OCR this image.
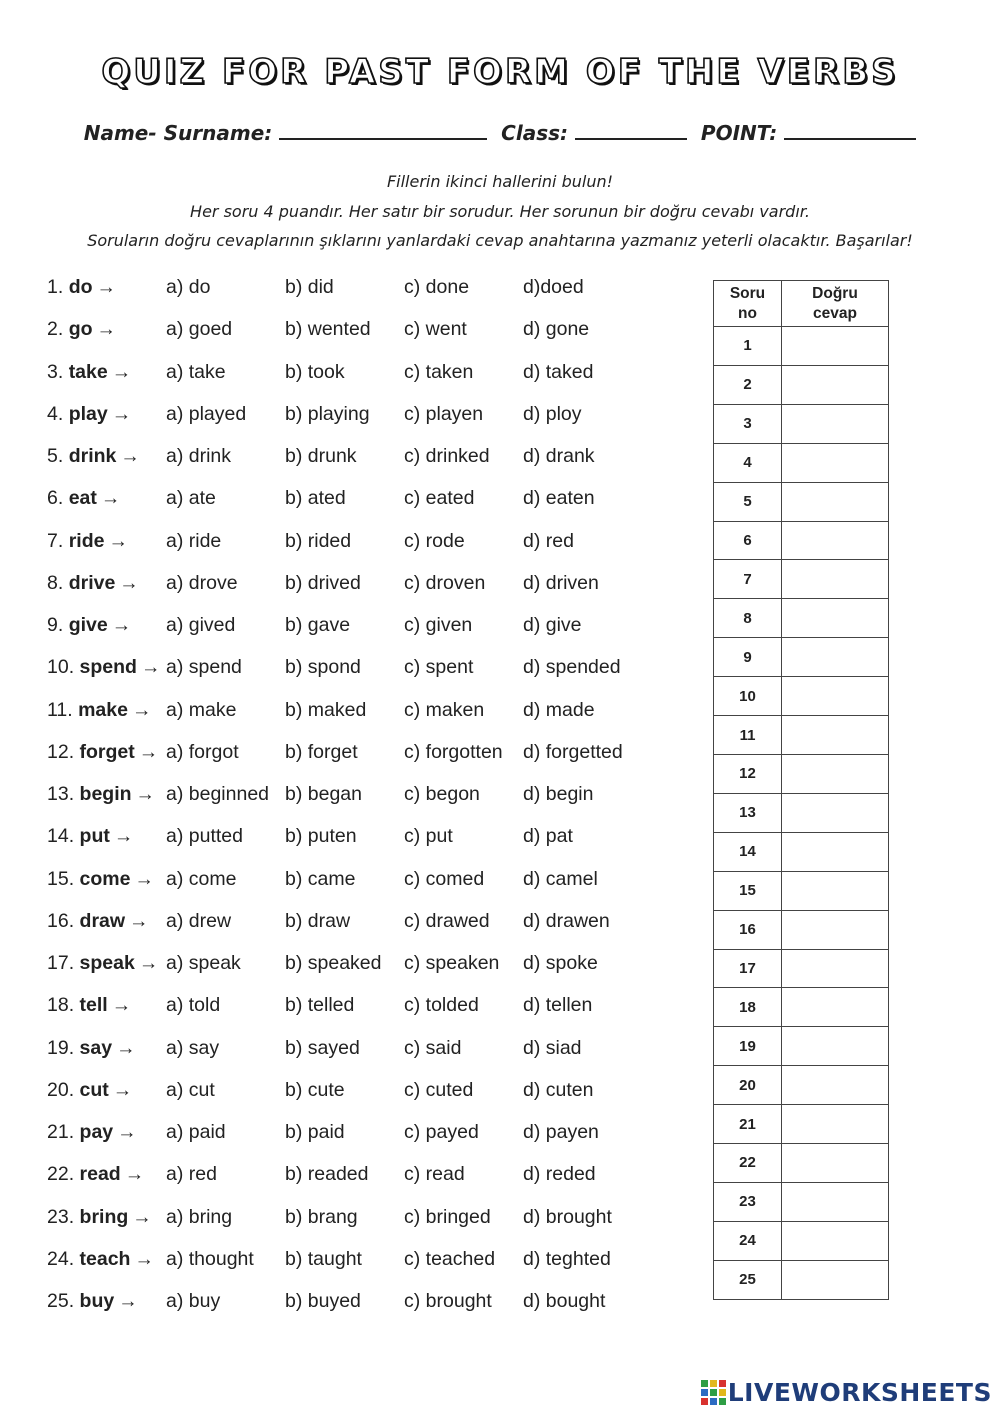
QUIZ FOR PAST FORM OF THE VERBS
Name- Surname:	Class:	POINT:
Fillerin ikinci hallerini bulun!
Her soru 4 puandır. Her satır bir sorudur. Her sorunun bir doğru cevabı vardır.
Soruların doğru cevaplarının şıklarını yanlardaki cevap anahtarına yazmanız yeterli olacaktır. Başarılar!
1. do →	a) do	b) did	c) done	d)doed
2. go →	a) goed	b) wented c) went	d) gone
3. take → a) take	b) took	c) taken	d) taked
4. play → a) played b) playing c) playen d) ploy
5. drink → a) drink	b) drunk c) drinked d) drank
6. eat → a) ate	b) ated	c) eated d) eaten
7. ride → a) ride	b) rided	c) rode	d) red
8. drive → a) drove b) drived c) droven d) driven
9. give → a) gived	b) gave	c) given	d) give
10. spend → a) spend b) spond c) spent	d) spended
11. make → a) make b) maked c) maken d) made
12. forget → a) forgot b) forget c) forgotten d) forgetted
13. begin → a) beginned b) began c) begon d) begin
14. put → a) putted b) puten c) put	d) pat
15. come → a) come b) came c) comed d) camel
16. draw → a) drew	b) draw	c) drawed d) drawen
17. speak → a) speak b) speaked c) speaken d) spoke
18. tell → a) told	b) telled	c) tolded d) tellen
19. say → a) say	b) sayed c) said	d) siad
20. cut → a) cut	b) cute	c) cuted	d) cuten
21. pay → a) paid	b) paid	c) payed d) payen
22. read → a) red	b) readed c) read	d) reded
23. bring → a) bring	b) brang c) bringed d) brought
24. teach → a) thought b) taught c) teached d) teghted
25. buy → a) buy	b) buyed c) brought d) bought
Soru
no	Doğru
cevap
1	
2	
3	
4	
5	
6	
7	
8	
9	
10	
11	
12	
13	
14	
15	
16	
17	
18	
19	
20	
21	
22	
23	
24	
25	
LIVEWORKSHEETS
